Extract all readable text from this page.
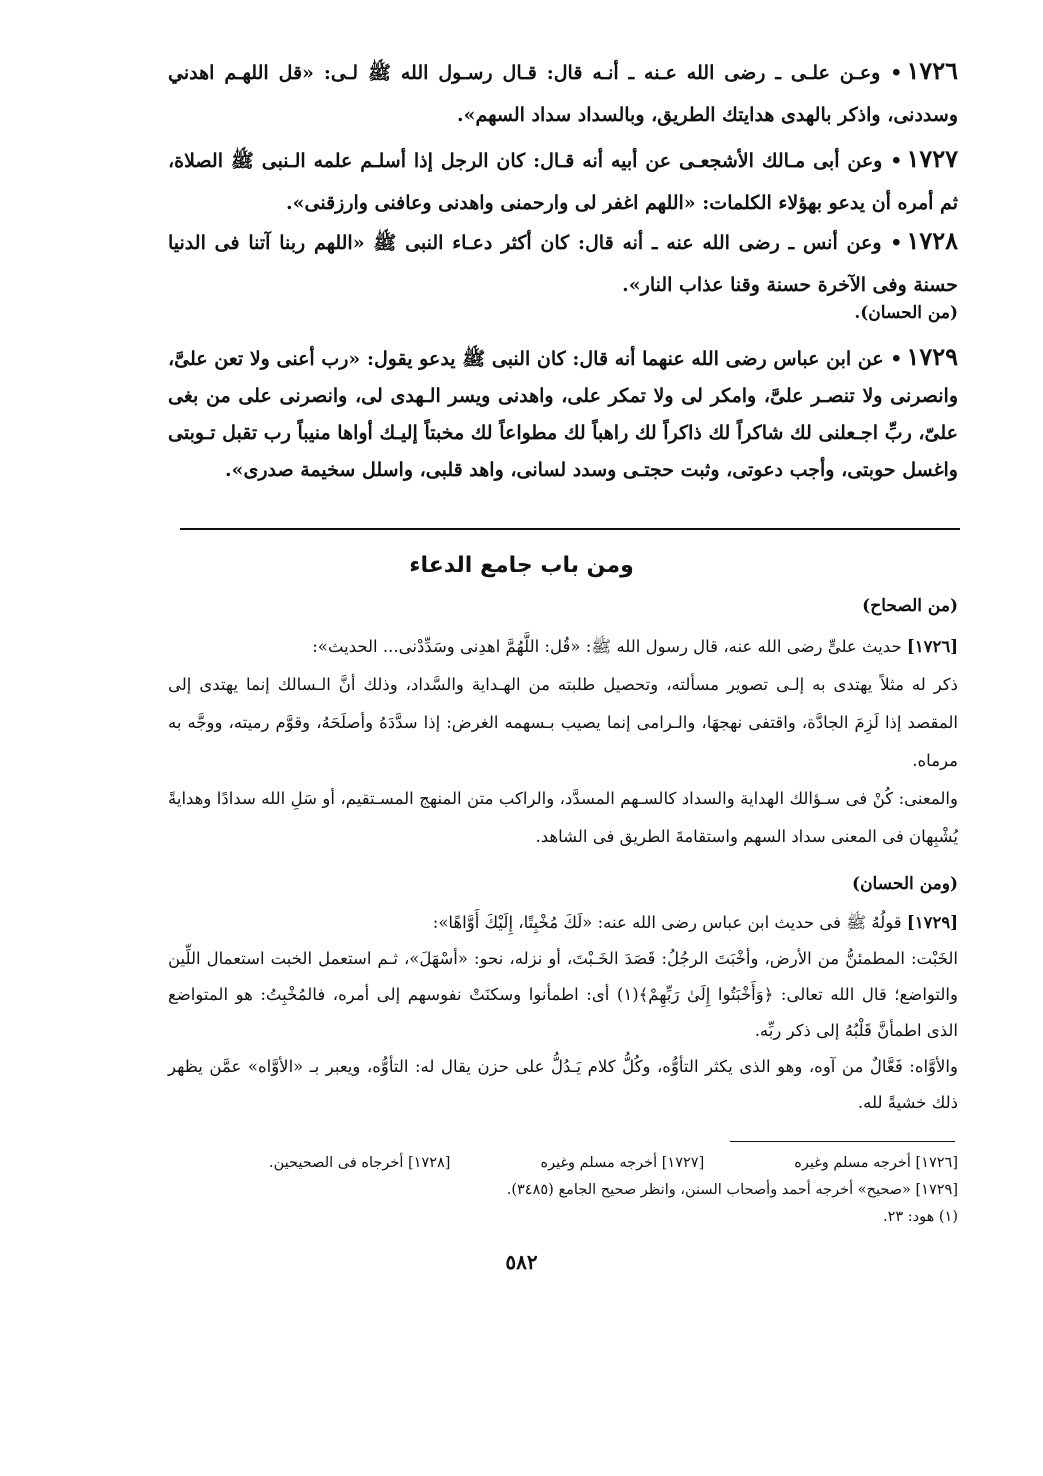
١٧٢٦• وعـن علـى ـ رضى الله عـنه ـ أنـه قال: قـال رسـول الله ﷺ لـى: «قل اللهـم اهدني وسددنى، واذكر بالهدى هدايتك الطريق، وبالسداد سداد السهم».
١٧٢٧• وعن أبى مـالك الأشجعـى عن أبيه أنه قـال: كان الرجل إذا أسلـم علمه الـنبى ﷺ الصلاة، ثم أمره أن يدعو بهؤلاء الكلمات: «اللهم اغفر لى وارحمنى واهدنى وعافنى وارزقنى».
١٧٢٨• وعن أنس ـ رضى الله عنه ـ أنه قال: كان أكثر دعـاء النبى ﷺ «اللهم ربنا آتنا فى الدنيا حسنة وفى الآخرة حسنة وقنا عذاب النار».
(من الحسان).
١٧٢٩• عن ابن عباس رضى الله عنهما أنه قال: كان النبى ﷺ يدعو يقول: «رب أعنى ولا تعن علىَّ، وانصرنى ولا تنصـر علىَّ، وامكر لى ولا تمكر على، واهدنى ويسر الـهدى لى، وانصرنى على من بغى علىّ، ربِّ اجـعلنى لك شاكراً لك ذاكراً لك راهباً لك مطواعاً لك مخبتاً إليـك أواها منيباً رب تقبل تـوبتى واغسل حوبتى، وأجب دعوتى، وثبت حجتـى وسدد لسانى، واهد قلبى، واسلل سخيمة صدرى».
ومن باب جامع الدعاء
(من الصحاح)
[١٧٢٦] حديث علىٍّ رضى الله عنه، قال رسول الله ﷺ: «قُل: اللَّهُمَّ اهدِنى وسَدِّدْنى... الحديث»:
ذكر له مثلاً يهتدى به إلـى تصوير مسألته، وتحصيل طلبته من الهـداية والسَّداد، وذلك أنَّ الـسالك إنما يهتدى إلى المقصد إذا لَزِمَ الجادَّة، واقتفى نهجهَا، والـرامى إنما يصيب بـسهمه الغرض: إذا سدَّدَهُ وأصلَحَهُ، وقوَّم رميته، ووجَّه به مرماه.
والمعنى: كُنْ فى سـؤالك الهداية والسداد كالسـهم المسدَّد، والراكب متن المنهج المسـتقيم، أو سَلِ الله سدادًا وهدايةً يُشْبِهان فى المعنى سداد السهم واستقامةَ الطريق فى الشاهد.
(ومن الحسان)
[١٧٢٩] قولُهُ ﷺ فى حديث ابن عباس رضى الله عنه: «لَكَ مُخْبِتًا، إِلَيْكَ أَوَّاهًا»:
الخَبْت: المطمئنُّ من الأرض، وأخْبَتَ الرجُلُ: قَصَدَ الخَـبْتَ، أو نزله، نحو: «أسْهَلَ»، ثـم استعمل الخبت استعمال اللِّين والتواضع؛ قال الله تعالى: ﴿وَأَخْبَتُوا إِلَىٰ رَبِّهِمْ﴾(١) أى: اطمأنوا وسكنَتْ نفوسهم إلى أمره، فالمُخْبِتُ: هو المتواضع الذى اطمأنَّ قَلْبُهُ إلى ذكر ربِّه.
والأوَّاه: فَعَّالٌ من آوه، وهو الذى يكثر التأوُّه، وكُلُّ كلام يَـدُلُّ على حزن يقال له: التأوُّه، ويعبر بـ «الأوَّاه» عمَّن يظهر ذلك خشيةً لله.
[١٧٢٦] أخرجه مسلم وغيره
[١٧٢٧] أخرجه مسلم وغيره
[١٧٢٨] أخرجاه فى الصحيحين.
[١٧٢٩] «صحيح» أخرجه أحمد وأصحاب السنن، وانظر صحيح الجامع (٣٤٨٥).
(١) هود: ٢٣.
٥٨٢
